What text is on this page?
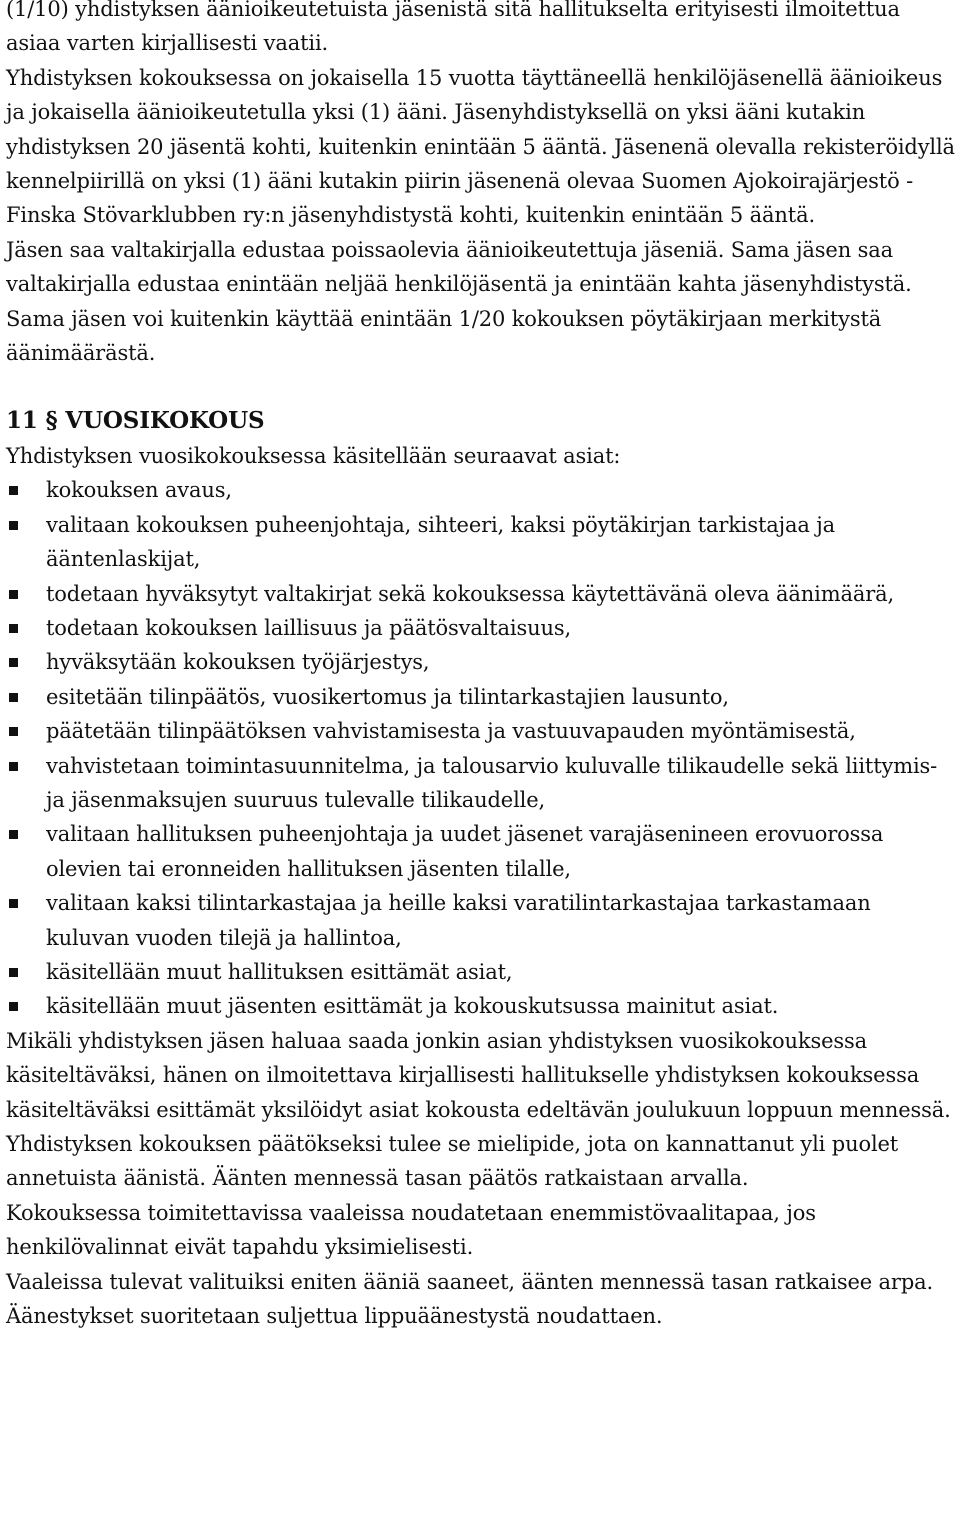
(1/10) yhdistyksen äänioikeutetuista jäsenistä sitä hallitukselta erityisesti ilmoitettua asiaa varten kirjallisesti vaatii.

Yhdistyksen kokouksessa on jokaisella 15 vuotta täyttäneellä henkilöjäsenellä äänioikeus ja jokaisella äänioikeutetulla yksi (1) ääni. Jäsenyhdistyksellä on yksi ääni kutakin yhdistyksen 20 jäsentä kohti, kuitenkin enintään 5 ääntä. Jäsenenä olevalla rekisteröidyllä kennelpiirillä on yksi (1) ääni kutakin piirin jäsenenä olevaa Suomen Ajokoirajärjestö - Finska Stövarklubben ry:n jäsenyhdistystä kohti, kuitenkin enintään 5 ääntä.

Jäsen saa valtakirjalla edustaa poissaolevia äänioikeutettuja jäseniä. Sama jäsen saa valtakirjalla edustaa enintään neljää henkilöjäsentä ja enintään kahta jäsenyhdistystä. Sama jäsen voi kuitenkin käyttää enintään 1/20 kokouksen pöytäkirjaan merkitystä äänimäärästä.

11 § VUOSIKOKOUS

Yhdistyksen vuosikokouksessa käsitellään seuraavat asiat:

kokouksen avaus,
valitaan kokouksen puheenjohtaja, sihteeri, kaksi pöytäkirjan tarkistajaa ja ääntenlaskijat,
todetaan hyväksytyt valtakirjat sekä kokouksessa käytettävänä oleva äänimäärä,
todetaan kokouksen laillisuus ja päätösvaltaisuus,
hyväksytään kokouksen työjärjestys,
esitetään tilinpäätös, vuosikertomus ja tilintarkastajien lausunto,
päätetään tilinpäätöksen vahvistamisesta ja vastuuvapauden myöntämisestä,
vahvistetaan toimintasuunnitelma, ja talousarvio kuluvalle tilikaudelle sekä liittymis- ja jäsenmaksujen suuruus tulevalle tilikaudelle,
valitaan hallituksen puheenjohtaja ja uudet jäsenet varajäsenineen erovuorossa olevien tai eronneiden hallituksen jäsenten tilalle,
valitaan kaksi tilintarkastajaa ja heille kaksi varatilintarkastajaa tarkastamaan kuluvan vuoden tilejä ja hallintoa,
käsitellään muut hallituksen esittämät asiat,
käsitellään muut jäsenten esittämät ja kokouskutsussa mainitut asiat.

Mikäli yhdistyksen jäsen haluaa saada jonkin asian yhdistyksen vuosikokouksessa käsiteltäväksi, hänen on ilmoitettava kirjallisesti hallitukselle yhdistyksen kokouksessa käsiteltäväksi esittämät yksilöidyt asiat kokousta edeltävän joulukuun loppuun mennessä.

Yhdistyksen kokouksen päätökseksi tulee se mielipide, jota on kannattanut yli puolet annetuista äänistä. Äänten mennessä tasan päätös ratkaistaan arvalla.

Kokouksessa toimitettavissa vaaleissa noudatetaan enemmistövaalitapaa, jos henkilövalinnat eivät tapahdu yksimielisesti.

Vaaleissa tulevat valituiksi eniten ääniä saaneet, äänten mennessä tasan ratkaisee arpa. Äänestykset suoritetaan suljettua lippuäänestystä noudattaen.
